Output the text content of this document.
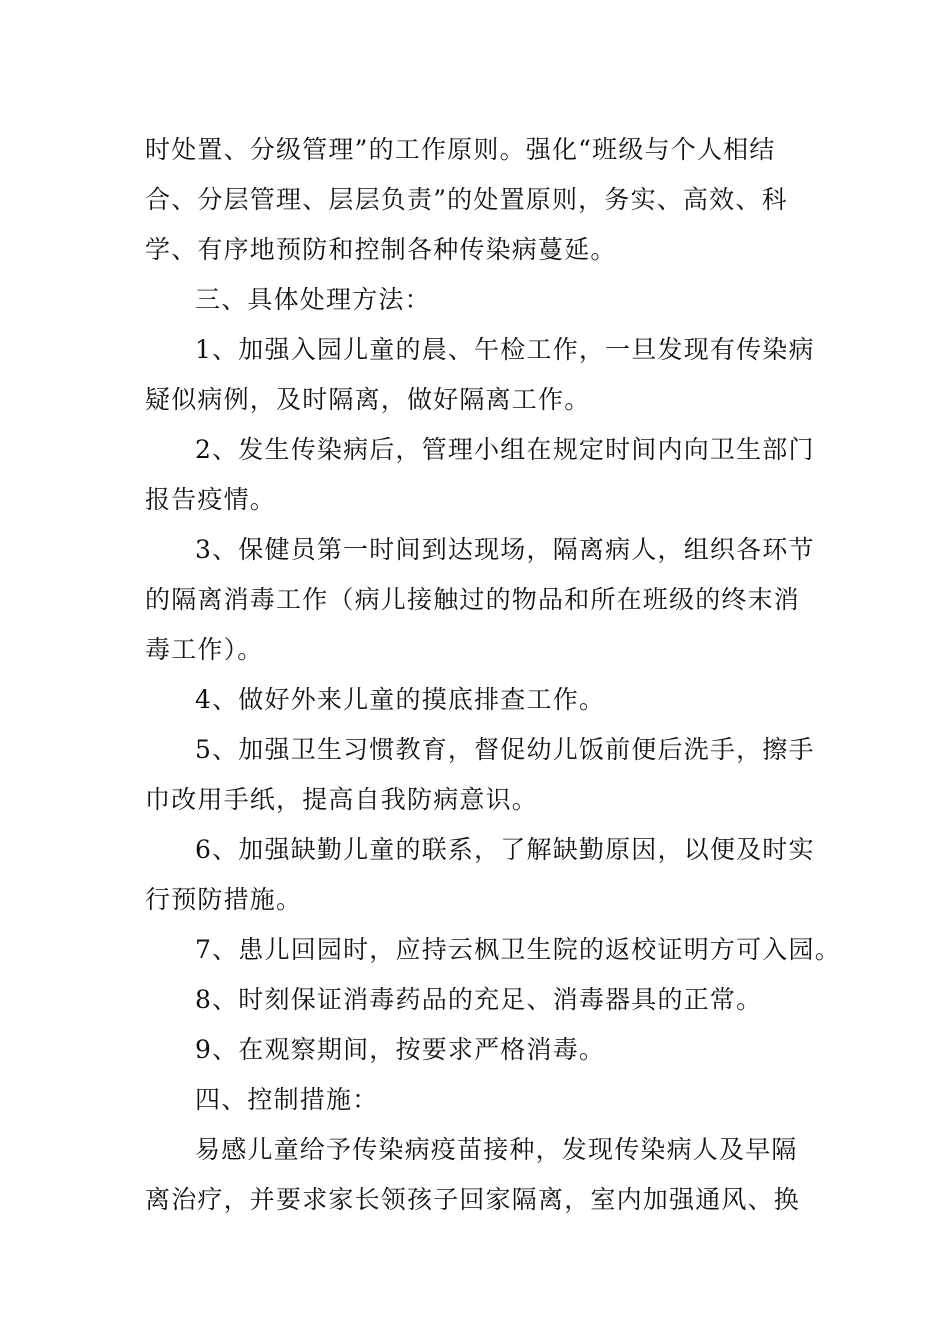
时处置、分级管理”的工作原则。强化“班级与个人相结
合、分层管理、层层负责”的处置原则，务实、高效、科
学、有序地预防和控制各种传染病蔓延。
三、具体处理方法：
1、加强入园儿童的晨、午检工作，一旦发现有传染病
疑似病例，及时隔离，做好隔离工作。
2、发生传染病后，管理小组在规定时间内向卫生部门
报告疫情。
3、保健员第一时间到达现场，隔离病人，组织各环节
的隔离消毒工作（病儿接触过的物品和所在班级的终末消
毒工作）。
4、做好外来儿童的摸底排查工作。
5、加强卫生习惯教育，督促幼儿饭前便后洗手，擦手
巾改用手纸，提高自我防病意识。
6、加强缺勤儿童的联系，了解缺勤原因，以便及时实
行预防措施。
7、患儿回园时，应持云枫卫生院的返校证明方可入园。
8、时刻保证消毒药品的充足、消毒器具的正常。
9、在观察期间，按要求严格消毒。
四、控制措施：
易感儿童给予传染病疫苗接种，发现传染病人及早隔
离治疗，并要求家长领孩子回家隔离，室内加强通风、换
